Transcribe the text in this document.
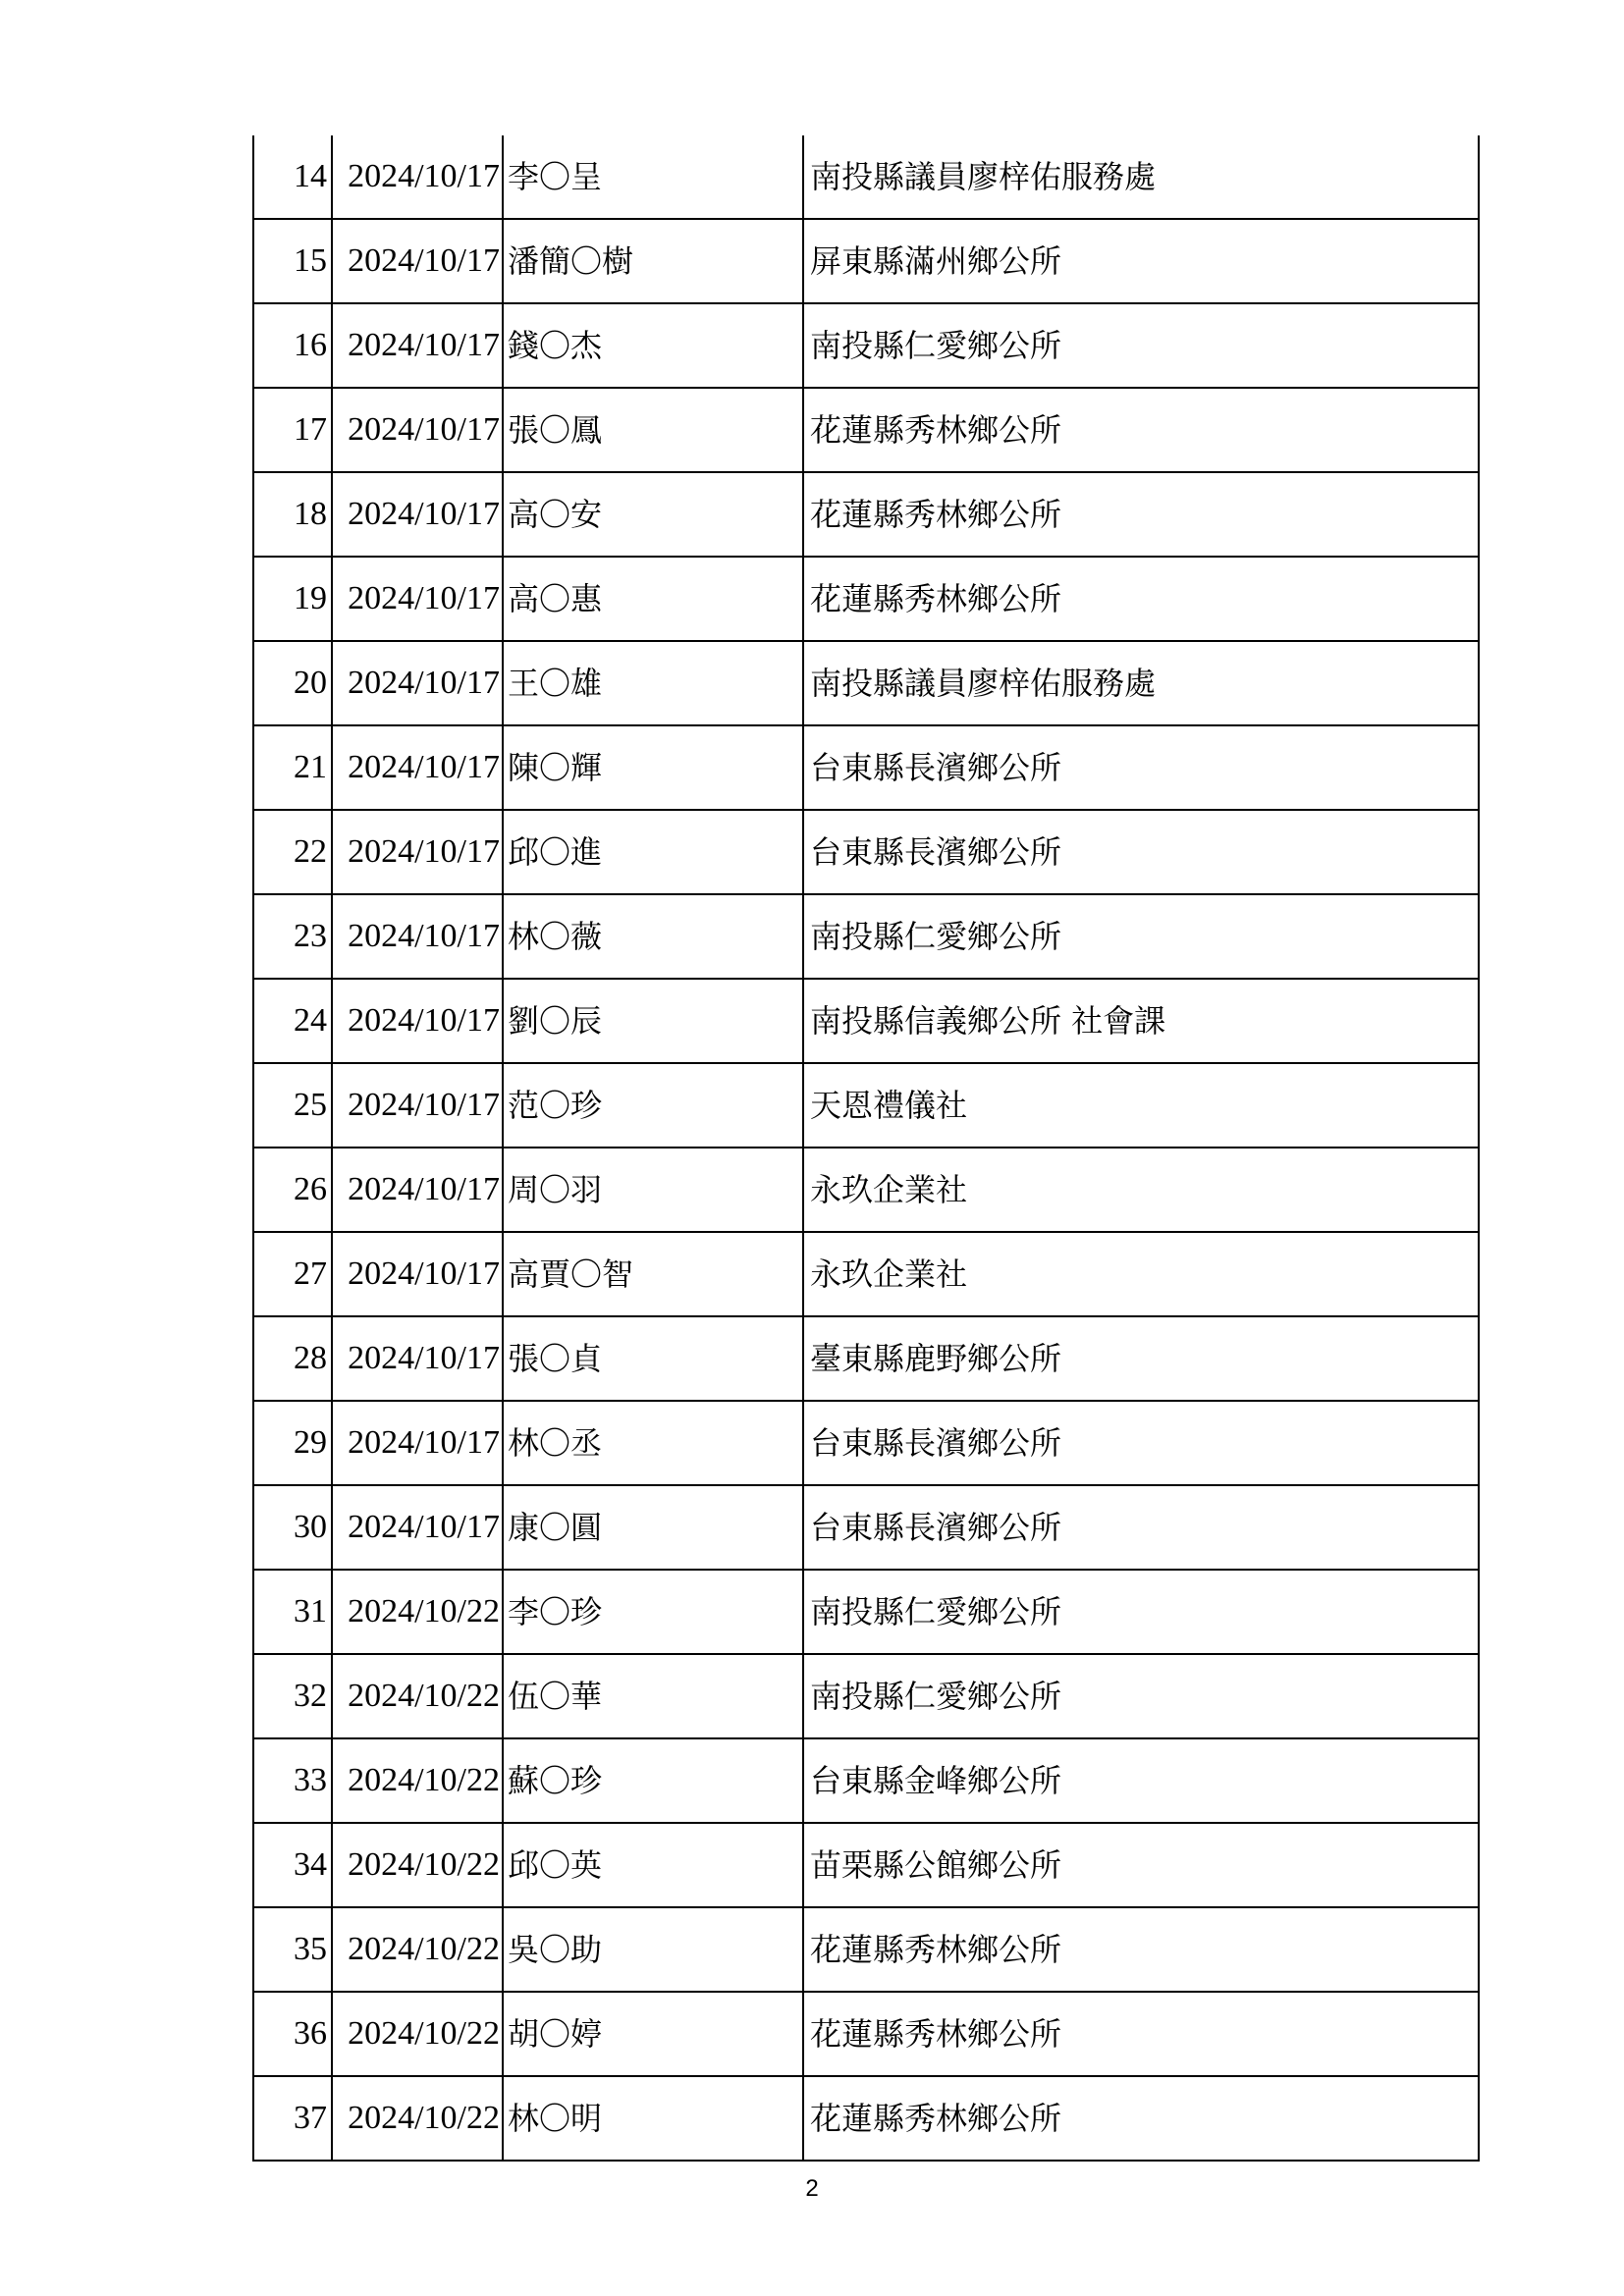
14	2024/10/17	李〇呈	南投縣議員廖梓佑服務處
15	2024/10/17	潘簡〇樹	屏東縣滿州鄉公所
16	2024/10/17	錢〇杰	南投縣仁愛鄉公所
17	2024/10/17	張〇鳳	花蓮縣秀林鄉公所
18	2024/10/17	高〇安	花蓮縣秀林鄉公所
19	2024/10/17	高〇惠	花蓮縣秀林鄉公所
20	2024/10/17	王〇雄	南投縣議員廖梓佑服務處
21	2024/10/17	陳〇輝	台東縣長濱鄉公所
22	2024/10/17	邱〇進	台東縣長濱鄉公所
23	2024/10/17	林〇薇	南投縣仁愛鄉公所
24	2024/10/17	劉〇辰	南投縣信義鄉公所 社會課
25	2024/10/17	范〇珍	天恩禮儀社
26	2024/10/17	周〇羽	永玖企業社
27	2024/10/17	高賈〇智	永玖企業社
28	2024/10/17	張〇貞	臺東縣鹿野鄉公所
29	2024/10/17	林〇丞	台東縣長濱鄉公所
30	2024/10/17	康〇圓	台東縣長濱鄉公所
31	2024/10/22	李〇珍	南投縣仁愛鄉公所
32	2024/10/22	伍〇華	南投縣仁愛鄉公所
33	2024/10/22	蘇〇珍	台東縣金峰鄉公所
34	2024/10/22	邱〇英	苗栗縣公館鄉公所
35	2024/10/22	吳〇助	花蓮縣秀林鄉公所
36	2024/10/22	胡〇婷	花蓮縣秀林鄉公所
37	2024/10/22	林〇明	花蓮縣秀林鄉公所
2
